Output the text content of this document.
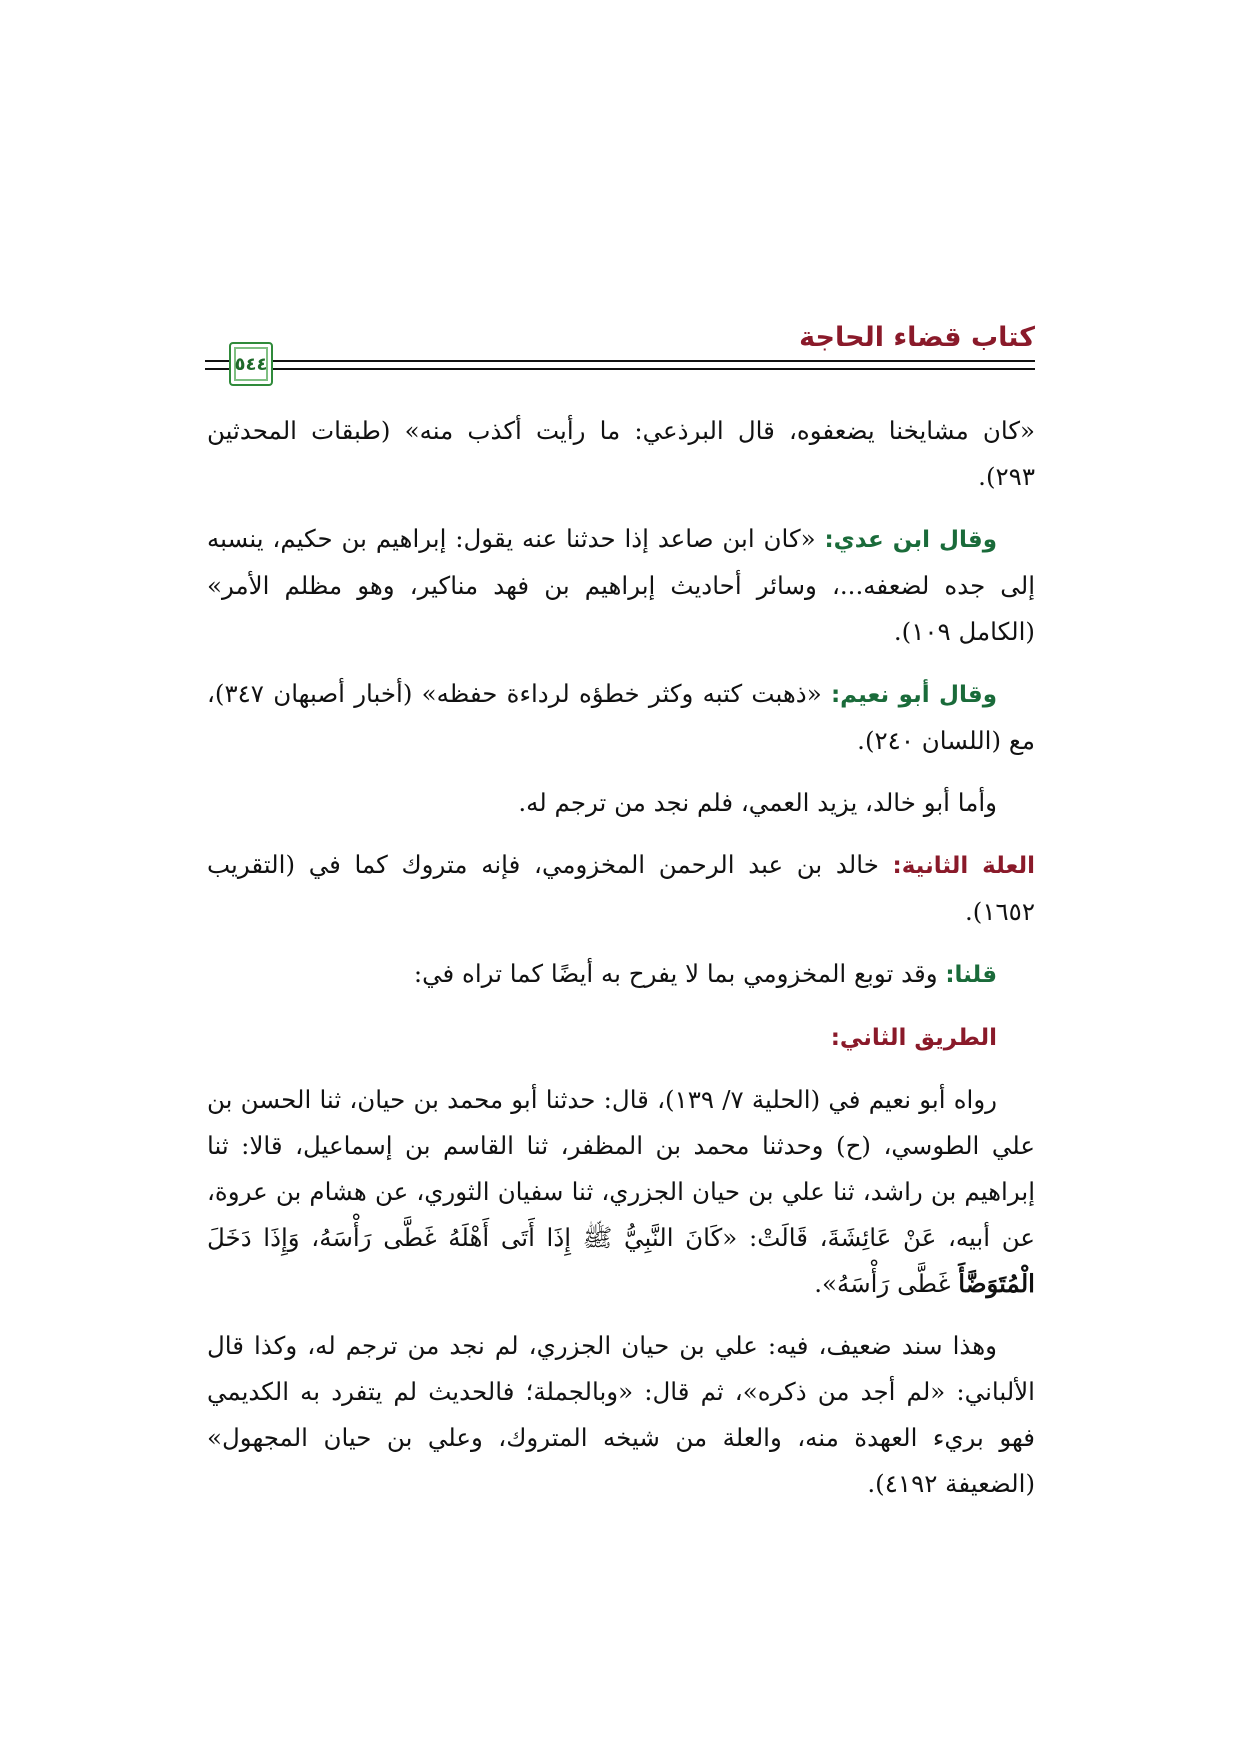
كتاب قضاء الحاجة
٥٤٤

«كان مشايخنا يضعفوه، قال البرذعي: ما رأيت أكذب منه» (طبقات المحدثين ٢٩٣).

وقال ابن عدي: «كان ابن صاعد إذا حدثنا عنه يقول: إبراهيم بن حكيم، ينسبه إلى جده لضعفه...، وسائر أحاديث إبراهيم بن فهد مناكير، وهو مظلم الأمر» (الكامل ١٠٩).

وقال أبو نعيم: «ذهبت كتبه وكثر خطؤه لرداءة حفظه» (أخبار أصبهان ٣٤٧)، مع (اللسان ٢٤٠).

وأما أبو خالد، يزيد العمي، فلم نجد من ترجم له.

العلة الثانية: خالد بن عبد الرحمن المخزومي، فإنه متروك كما في (التقريب ١٦٥٢).

قلنا: وقد توبع المخزومي بما لا يفرح به أيضًا كما تراه في:

الطريق الثاني:

رواه أبو نعيم في (الحلية ٧/ ١٣٩)، قال: حدثنا أبو محمد بن حيان، ثنا الحسن بن علي الطوسي، (ح) وحدثنا محمد بن المظفر، ثنا القاسم بن إسماعيل، قالا: ثنا إبراهيم بن راشد، ثنا علي بن حيان الجزري، ثنا سفيان الثوري، عن هشام بن عروة، عن أبيه، عَنْ عَائِشَةَ، قَالَتْ: «كَانَ النَّبِيُّ ﷺ إِذَا أَتَى أَهْلَهُ غَطَّى رَأْسَهُ، وَإِذَا دَخَلَ الْمُتَوَضَّأَ غَطَّى رَأْسَهُ».

وهذا سند ضعيف، فيه: علي بن حيان الجزري، لم نجد من ترجم له، وكذا قال الألباني: «لم أجد من ذكره»، ثم قال: «وبالجملة؛ فالحديث لم يتفرد به الكديمي فهو بريء العهدة منه، والعلة من شيخه المتروك، وعلي بن حيان المجهول» (الضعيفة ٤١٩٢).
